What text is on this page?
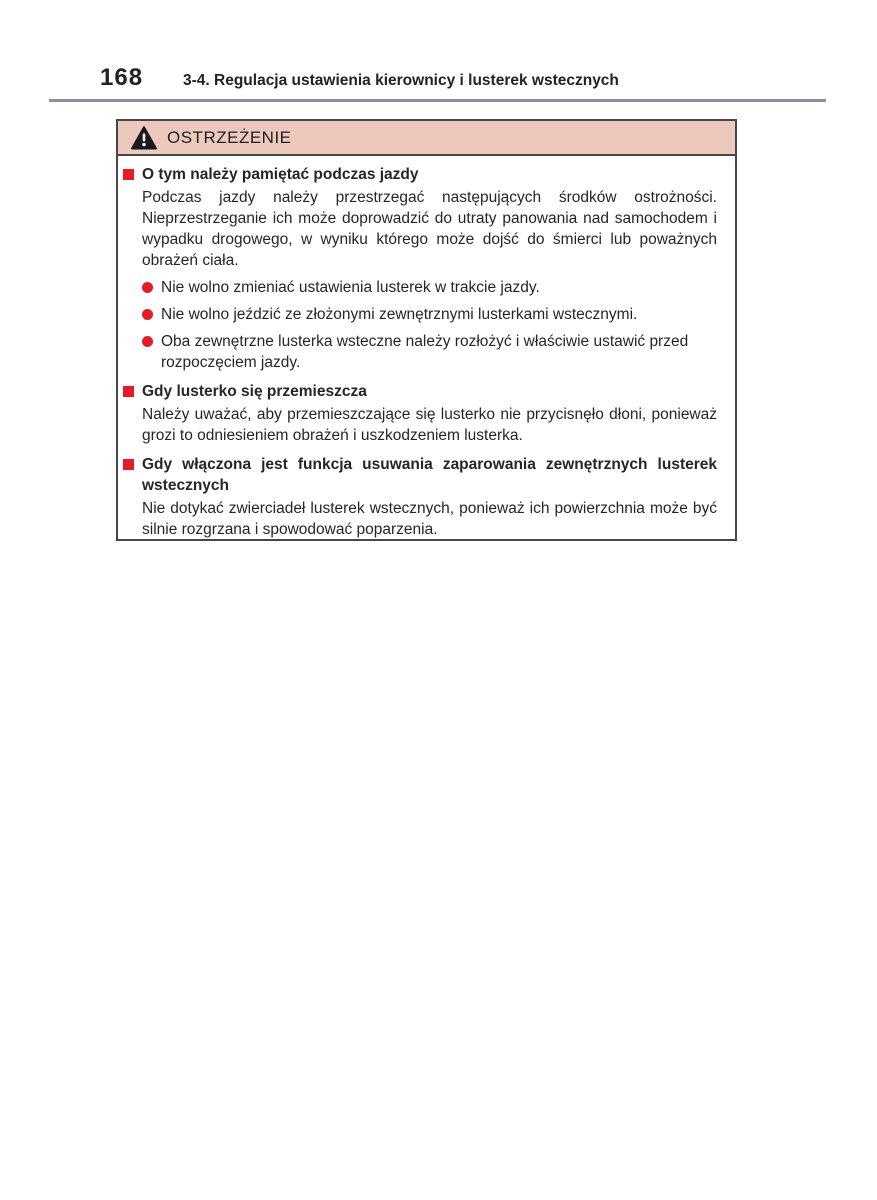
168	3-4. Regulacja ustawienia kierownicy i lusterek wstecznych
OSTRZEŻENIE
O tym należy pamiętać podczas jazdy

Podczas jazdy należy przestrzegać następujących środków ostrożności. Nieprzestrzeganie ich może doprowadzić do utraty panowania nad samochodem i wypadku drogowego, w wyniku którego może dojść do śmierci lub poważnych obrażeń ciała.

Nie wolno zmieniać ustawienia lusterek w trakcie jazdy.
Nie wolno jeździć ze złożonymi zewnętrznymi lusterkami wstecznymi.
Oba zewnętrzne lusterka wsteczne należy rozłożyć i właściwie ustawić przed rozpoczęciem jazdy.
Gdy lusterko się przemieszcza

Należy uważać, aby przemieszczające się lusterko nie przycisnęło dłoni, ponieważ grozi to odniesieniem obrażeń i uszkodzeniem lusterka.

Gdy włączona jest funkcja usuwania zaparowania zewnętrznych lusterek wstecznych

Nie dotykać zwierciadeł lusterek wstecznych, ponieważ ich powierzchnia może być silnie rozgrzana i spowodować poparzenia.
